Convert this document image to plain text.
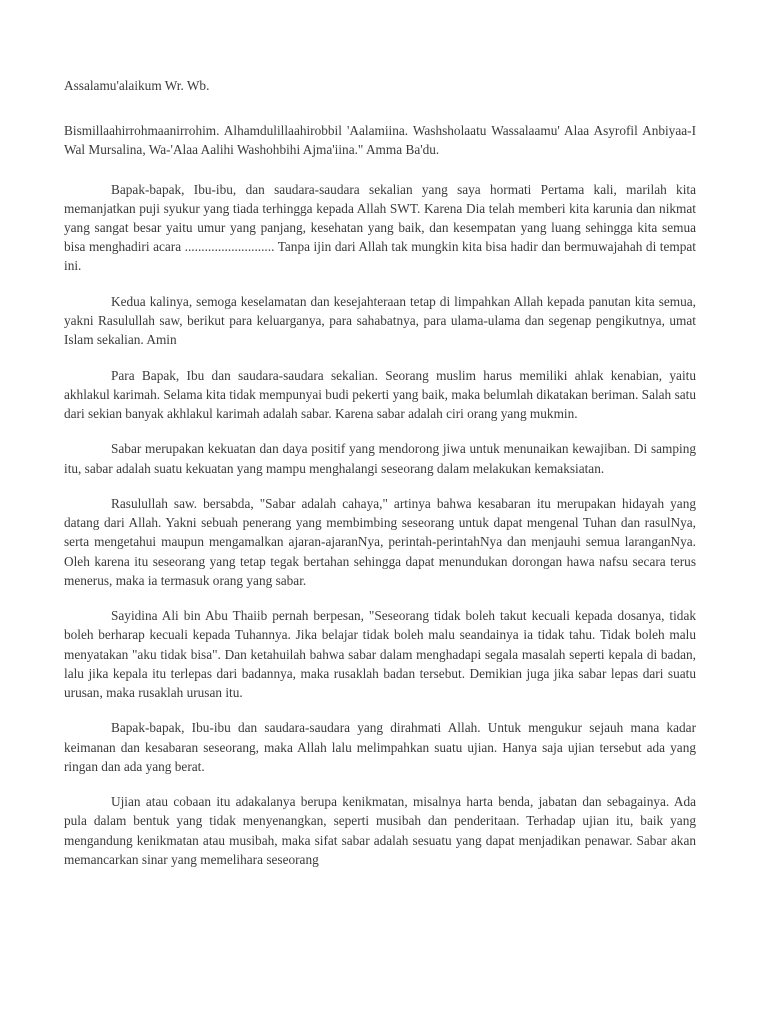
Assalamu'alaikum Wr. Wb.

Bismillaahirrohmaanirrohim. Alhamdulillaahirobbil 'Aalamiina. Washsholaatu Wassalaamu' Alaa Asyrofil Anbiyaa-I Wal Mursalina, Wa-'Alaa Aalihi Washohbihi Ajma'iina." Amma Ba'du.

Bapak-bapak, Ibu-ibu, dan saudara-saudara sekalian yang saya hormati Pertama kali, marilah kita memanjatkan puji syukur yang tiada terhingga kepada Allah SWT. Karena Dia telah memberi kita karunia dan nikmat yang sangat besar yaitu umur yang panjang, kesehatan yang baik, dan kesempatan yang luang sehingga kita semua bisa menghadiri acara ........................... Tanpa ijin dari Allah tak mungkin kita bisa hadir dan bermuwajahah di tempat ini.

Kedua kalinya, semoga keselamatan dan kesejahteraan tetap di limpahkan Allah kepada panutan kita semua, yakni Rasulullah saw, berikut para keluarganya, para sahabatnya, para ulama-ulama dan segenap pengikutnya, umat Islam sekalian. Amin

Para Bapak, Ibu dan saudara-saudara sekalian. Seorang muslim harus memiliki ahlak kenabian, yaitu akhlakul karimah. Selama kita tidak mempunyai budi pekerti yang baik, maka belumlah dikatakan beriman. Salah satu dari sekian banyak akhlakul karimah adalah sabar. Karena sabar adalah ciri orang yang mukmin.

Sabar merupakan kekuatan dan daya positif yang mendorong jiwa untuk menunaikan kewajiban. Di samping itu, sabar adalah suatu kekuatan yang mampu menghalangi seseorang dalam melakukan kemaksiatan.

Rasulullah saw. bersabda, "Sabar adalah cahaya," artinya bahwa kesabaran itu merupakan hidayah yang datang dari Allah. Yakni sebuah penerang yang membimbing seseorang untuk dapat mengenal Tuhan dan rasulNya, serta mengetahui maupun mengamalkan ajaran-ajaranNya, perintah-perintahNya dan menjauhi semua laranganNya. Oleh karena itu seseorang yang tetap tegak bertahan sehingga dapat menundukan dorongan hawa nafsu secara terus menerus, maka ia termasuk orang yang sabar.

Sayidina Ali bin Abu Thaiib pernah berpesan, "Seseorang tidak boleh takut kecuali kepada dosanya, tidak boleh berharap kecuali kepada Tuhannya. Jika belajar tidak boleh malu seandainya ia tidak tahu. Tidak boleh malu menyatakan "aku tidak bisa". Dan ketahuilah bahwa sabar dalam menghadapi segala masalah seperti kepala di badan, lalu jika kepala itu terlepas dari badannya, maka rusaklah badan tersebut. Demikian juga jika sabar lepas dari suatu urusan, maka rusaklah urusan itu.

Bapak-bapak, Ibu-ibu dan saudara-saudara yang dirahmati Allah. Untuk mengukur sejauh mana kadar keimanan dan kesabaran seseorang, maka Allah lalu melimpahkan suatu ujian. Hanya saja ujian tersebut ada yang ringan dan ada yang berat.

Ujian atau cobaan itu adakalanya berupa kenikmatan, misalnya harta benda, jabatan dan sebagainya. Ada pula dalam bentuk yang tidak menyenangkan, seperti musibah dan penderitaan. Terhadap ujian itu, baik yang mengandung kenikmatan atau musibah, maka sifat sabar adalah sesuatu yang dapat menjadikan penawar. Sabar akan memancarkan sinar yang memelihara seseorang
